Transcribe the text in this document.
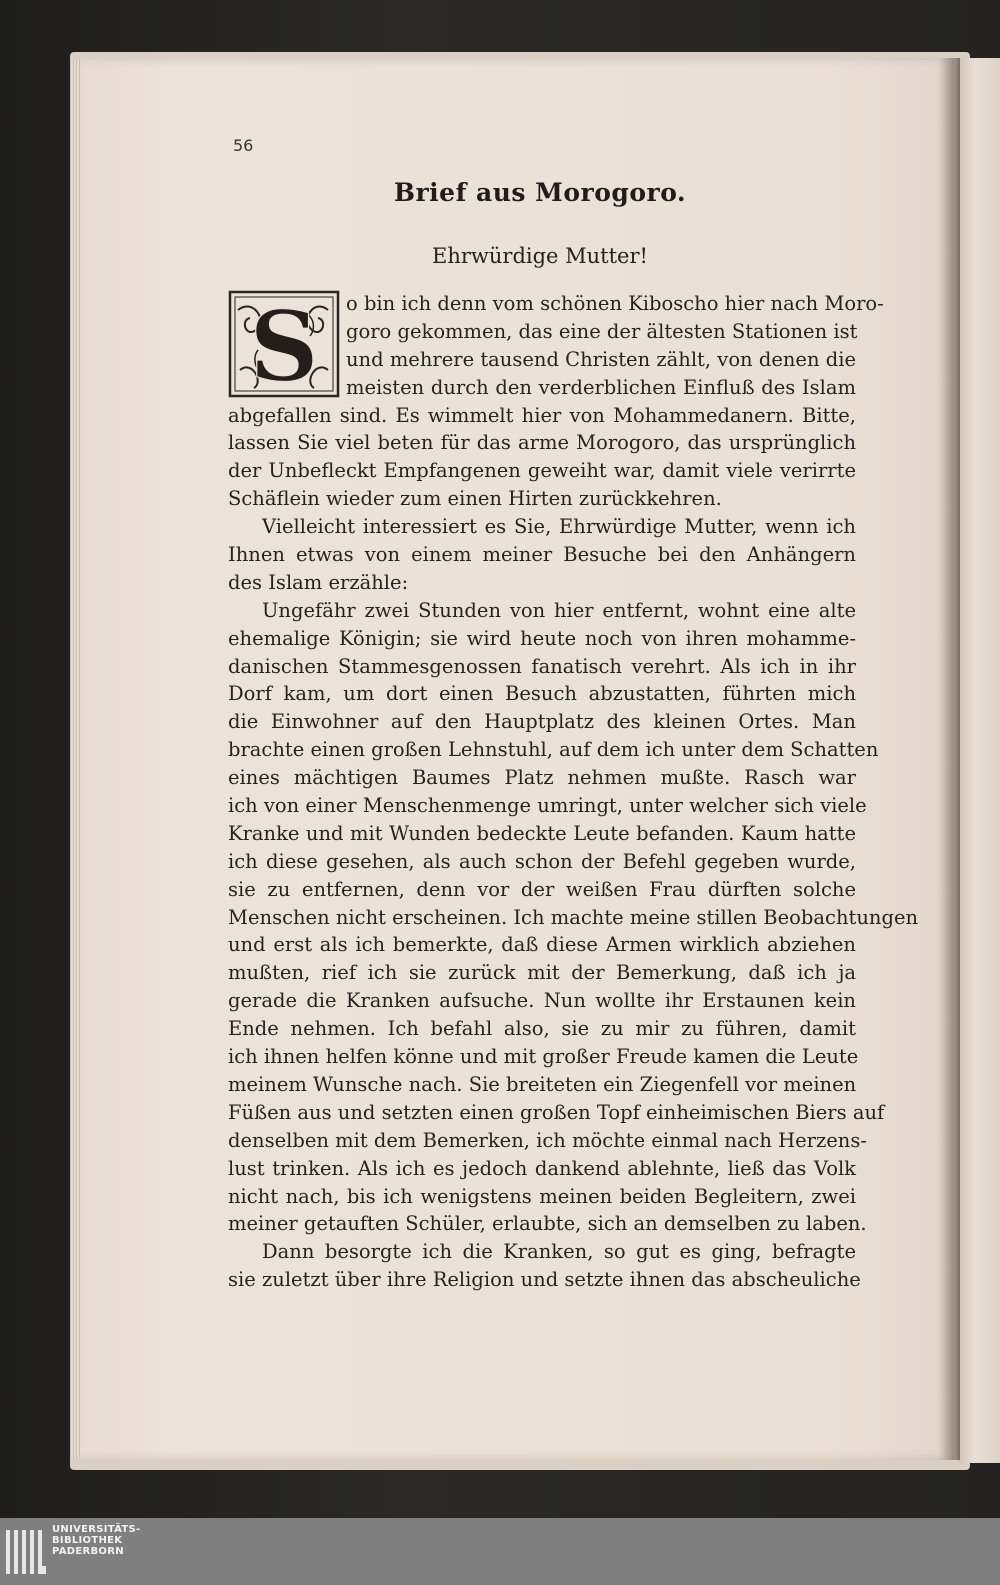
56
Brief aus Morogoro.
Ehrwürdige Mutter!
S	o bin ich denn vom schönen Kiboscho hier nach Moro-
goro gekommen, das eine der ältesten Stationen ist
und mehrere tausend Christen zählt, von denen die
meisten durch den verderblichen Einfluß des Islam
abgefallen sind. Es wimmelt hier von Mohammedanern. Bitte,
lassen Sie viel beten für das arme Morogoro, das ursprünglich
der Unbefleckt Empfangenen geweiht war, damit viele verirrte
Schäflein wieder zum einen Hirten zurückkehren.
Vielleicht interessiert es Sie, Ehrwürdige Mutter, wenn ich
Ihnen etwas von einem meiner Besuche bei den Anhängern
des Islam erzähle:
Ungefähr zwei Stunden von hier entfernt, wohnt eine alte
ehemalige Königin; sie wird heute noch von ihren mohamme-
danischen Stammesgenossen fanatisch verehrt. Als ich in ihr
Dorf kam, um dort einen Besuch abzustatten, führten mich
die Einwohner auf den Hauptplatz des kleinen Ortes. Man
brachte einen großen Lehnstuhl, auf dem ich unter dem Schatten
eines mächtigen Baumes Platz nehmen mußte. Rasch war
ich von einer Menschenmenge umringt, unter welcher sich viele
Kranke und mit Wunden bedeckte Leute befanden. Kaum hatte
ich diese gesehen, als auch schon der Befehl gegeben wurde,
sie zu entfernen, denn vor der weißen Frau dürften solche
Menschen nicht erscheinen. Ich machte meine stillen Beobachtungen
und erst als ich bemerkte, daß diese Armen wirklich abziehen
mußten, rief ich sie zurück mit der Bemerkung, daß ich ja
gerade die Kranken aufsuche. Nun wollte ihr Erstaunen kein
Ende nehmen. Ich befahl also, sie zu mir zu führen, damit
ich ihnen helfen könne und mit großer Freude kamen die Leute
meinem Wunsche nach. Sie breiteten ein Ziegenfell vor meinen
Füßen aus und setzten einen großen Topf einheimischen Biers auf
denselben mit dem Bemerken, ich möchte einmal nach Herzens-
lust trinken. Als ich es jedoch dankend ablehnte, ließ das Volk
nicht nach, bis ich wenigstens meinen beiden Begleitern, zwei
meiner getauften Schüler, erlaubte, sich an demselben zu laben.
Dann besorgte ich die Kranken, so gut es ging, befragte
sie zuletzt über ihre Religion und setzte ihnen das abscheuliche
UNIVERSITÄTS-
BIBLIOTHEK
PADERBORN
